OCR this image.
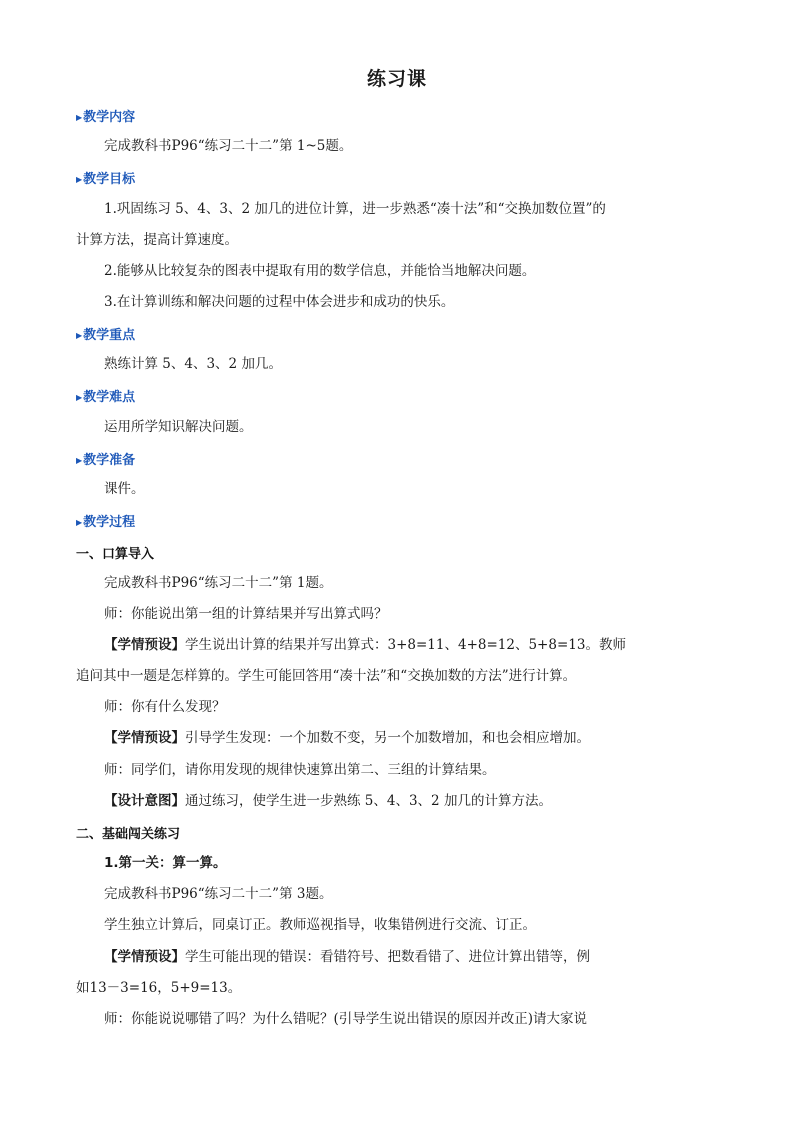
练习课
▶教学内容
完成教科书P96“练习二十二”第 1~5题。
▶教学目标
1.巩固练习 5、4、3、2 加几的进位计算，进一步熟悉“凑十法”和“交换加数位置”的
计算方法，提高计算速度。
2.能够从比较复杂的图表中提取有用的数学信息，并能恰当地解决问题。
3.在计算训练和解决问题的过程中体会进步和成功的快乐。
▶教学重点
熟练计算 5、4、3、2 加几。
▶教学难点
运用所学知识解决问题。
▶教学准备
课件。
▶教学过程
一、口算导入
完成教科书P96“练习二十二”第 1题。
师：你能说出第一组的计算结果并写出算式吗？
【学情预设】学生说出计算的结果并写出算式：3+8=11、4+8=12、5+8=13。教师
追问其中一题是怎样算的。学生可能回答用“凑十法”和“交换加数的方法”进行计算。
师：你有什么发现？
【学情预设】引导学生发现：一个加数不变，另一个加数增加，和也会相应增加。
师：同学们，请你用发现的规律快速算出第二、三组的计算结果。
【设计意图】通过练习，使学生进一步熟练 5、4、3、2 加几的计算方法。
二、基础闯关练习
1.第一关：算一算。
完成教科书P96“练习二十二”第 3题。
学生独立计算后，同桌订正。教师巡视指导，收集错例进行交流、订正。
【学情预设】学生可能出现的错误：看错符号、把数看错了、进位计算出错等，例
如13－3=16，5+9=13。
师：你能说说哪错了吗？为什么错呢？(引导学生说出错误的原因并改正)请大家说
